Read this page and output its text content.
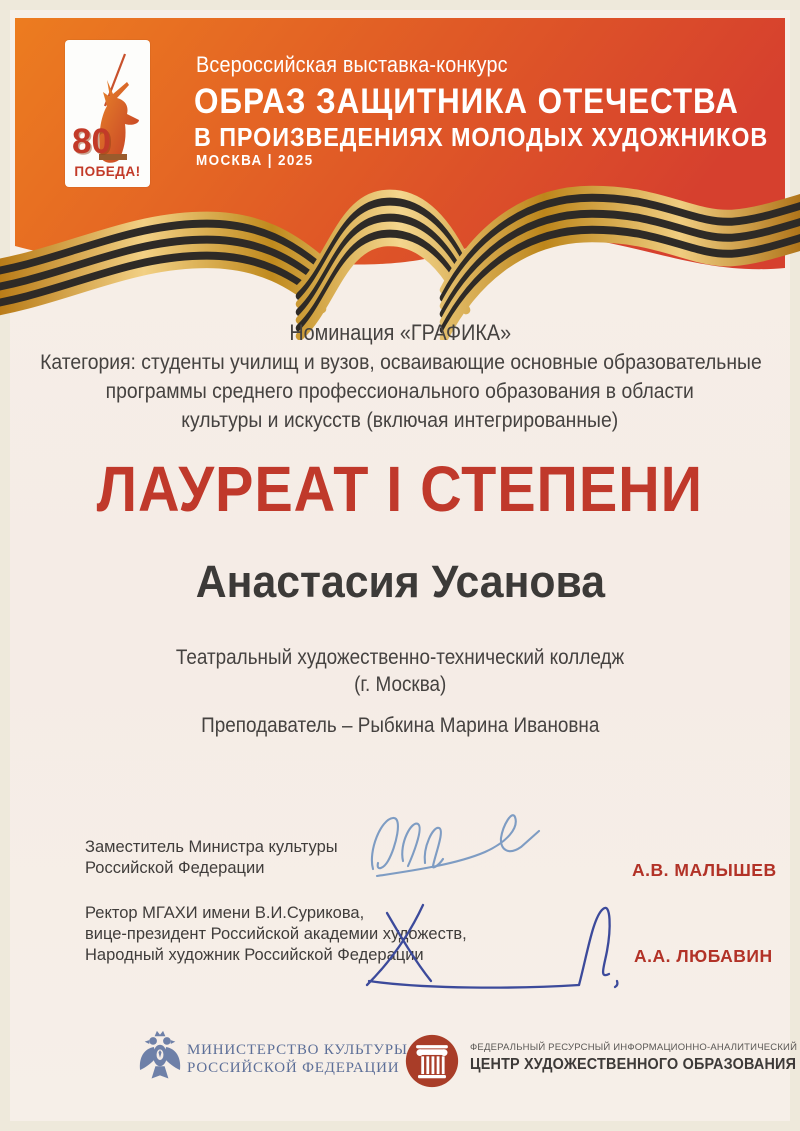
80
ПОБЕДА!
Всероссийская выставка-конкурс
ОБРАЗ ЗАЩИТНИКА ОТЕЧЕСТВА
В ПРОИЗВЕДЕНИЯХ МОЛОДЫХ ХУДОЖНИКОВ
МОСКВА | 2025
Номинация «ГРАФИКА»
Категория: студенты училищ и вузов, осваивающие основные образовательные
программы среднего профессионального образования в области
культуры и искусств (включая интегрированные)
ЛАУРЕАТ I СТЕПЕНИ
Анастасия Усанова
Театральный художественно-технический колледж
(г. Москва)
Преподаватель – Рыбкина Марина Ивановна
Заместитель Министра культуры
Российской Федерации	А.В. МАЛЫШЕВ
Ректор МГАХИ имени В.И.Сурикова,
вице-президент Российской академии художеств,
Народный художник Российской Федерации	А.А. ЛЮБАВИН
МИНИСТЕРСТВО КУЛЬТУРЫ
РОССИЙСКОЙ ФЕДЕРАЦИИ
ФЕДЕРАЛЬНЫЙ РЕСУРСНЫЙ ИНФОРМАЦИОННО-АНАЛИТИЧЕСКИЙ
ЦЕНТР ХУДОЖЕСТВЕННОГО ОБРАЗОВАНИЯ
